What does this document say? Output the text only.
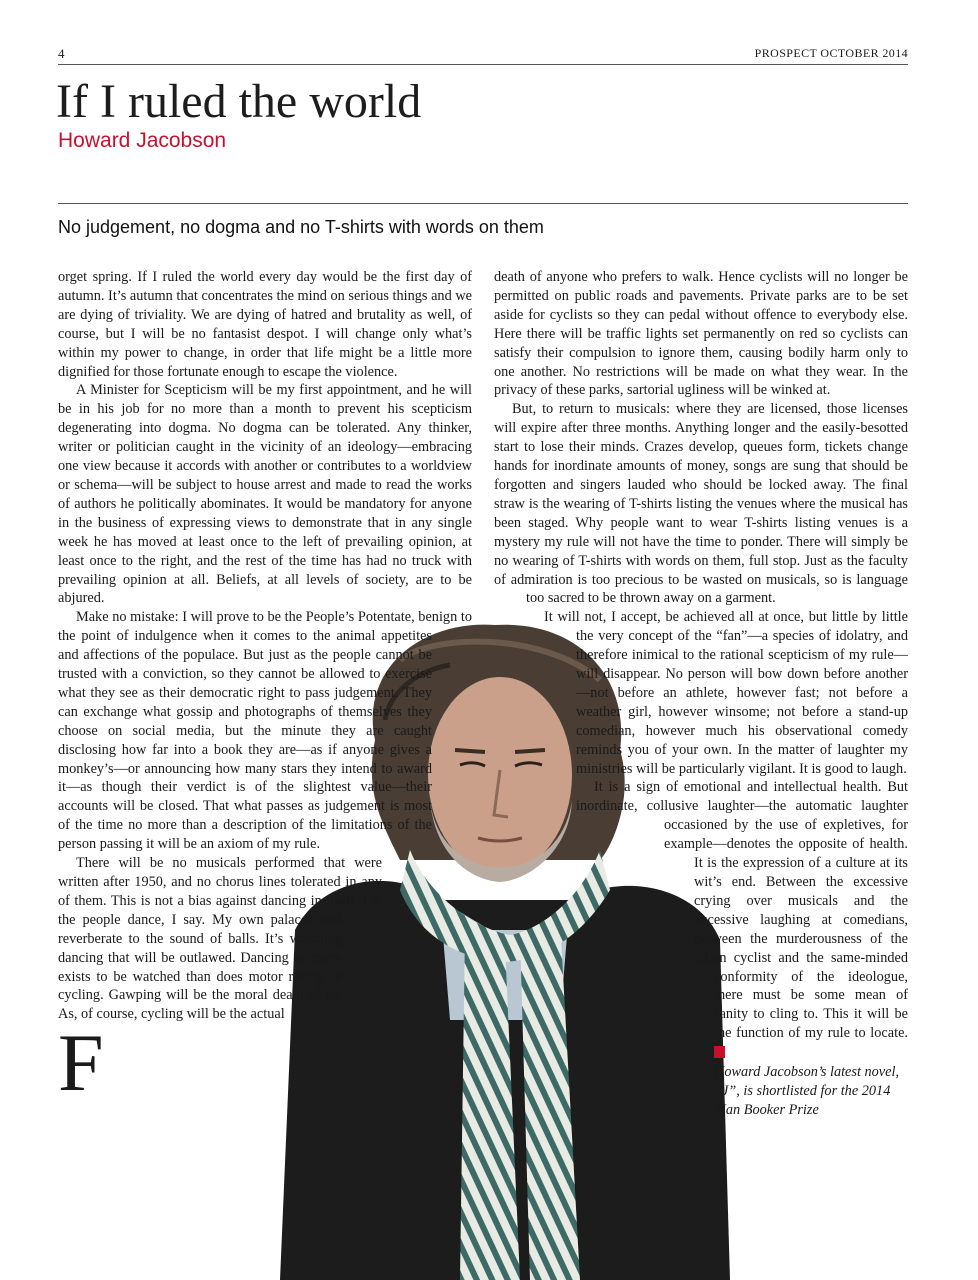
4	PROSPECT OCTOBER 2014
If I ruled the world
Howard Jacobson
No judgement, no dogma and no T-shirts with words on them

F
orget spring. If I ruled the world every day would be the first day of autumn. It’s autumn that concentrates the mind on serious things and we are dying of triviality. We are dying of hatred and brutality as well, of course, but I will be no fantasist despot. I will change only what’s within my power to change, in order that life might be a little more dignified for those fortunate enough to escape the violence.

A Minister for Scepticism will be my first appointment, and he will be in his job for no more than a month to prevent his scepticism degenerating into dogma. No dogma can be tolerated. Any thinker, writer or politician caught in the vicinity of an ideology—embracing one view because it accords with another or contributes to a worldview or schema—will be subject to house arrest and made to read the works of authors he politically abominates. It would be mandatory for anyone in the business of expressing views to demonstrate that in any single week he has moved at least once to the left of prevailing opinion, at least once to the right, and the rest of the time has had no truck with prevailing opinion at all. Beliefs, at all levels of society, are to be abjured.

Make no mistake: I will prove to be the People’s Potentate, benign to the point of indulgence when it comes to the animal appetites and affections of the populace. But just as the people cannot be trusted with a conviction, so they cannot be allowed to exercise what they see as their democratic right to pass judgement. They can exchange what gossip and photographs of themselves they choose on social media, but the minute they are caught disclosing how far into a book they are—as if anyone gives a monkey’s—or announcing how many stars they intend to award it—as though their verdict is of the slightest value—their accounts will be closed. That what passes as judgement is most of the time no more than a description of the limitations of the person passing it will be an axiom of my rule.

There will be no musicals performed that were written after 1950, and no chorus lines tolerated in any of them. This is not a bias against dancing in itself. Let the people dance, I say. My own palaces will reverberate to the sound of balls. It’s watching dancing that will be outlawed. Dancing no more exists to be watched than does motor racing or cycling. Gawping will be the moral death of us. As, of course, cycling will be the actual

death of anyone who prefers to walk. Hence cyclists will no longer be permitted on public roads and pavements. Private parks are to be set aside for cyclists so they can pedal without offence to everybody else. Here there will be traffic lights set permanently on red so cyclists can satisfy their compulsion to ignore them, causing bodily harm only to one another. No restrictions will be made on what they wear. In the privacy of these parks, sartorial ugliness will be winked at.

But, to return to musicals: where they are licensed, those licenses will expire after three months. Anything longer and the easily-besotted start to lose their minds. Crazes develop, queues form, tickets change hands for inordinate amounts of money, songs are sung that should be forgotten and singers lauded who should be locked away. The final straw is the wearing of T-shirts listing the venues where the musical has been staged. Why people want to wear T-shirts listing venues is a mystery my rule will not have the time to ponder. There will simply be no wearing of T-shirts with words on them, full stop. Just as the faculty of admiration is too precious to be wasted on musicals, so is language too sacred to be thrown away on a garment.

It will not, I accept, be achieved all at once, but little by little the very concept of the “fan”—a species of idolatry, and therefore inimical to the rational scepticism of my rule—will disappear. No person will bow down before another—not before an athlete, however fast; not before a weather girl, however winsome; not before a stand-up comedian, however much his observational comedy reminds you of your own. In the matter of laughter my ministries will be particularly vigilant. It is good to laugh.

It is a sign of emotional and intellectual health. But inordinate, collusive laughter—the automatic laughter occasioned by the use of expletives, for example—denotes the opposite of health. It is the expression of a culture at its wit’s end. Between the excessive crying over musicals and the excessive laughing at comedians, between the murderousness of the urban cyclist and the same-minded conformity of the ideologue, there must be some mean of sanity to cling to. This it will be the function of my rule to locate. P

Howard Jacobson’s latest novel, “J”, is shortlisted for the 2014 Man Booker Prize
